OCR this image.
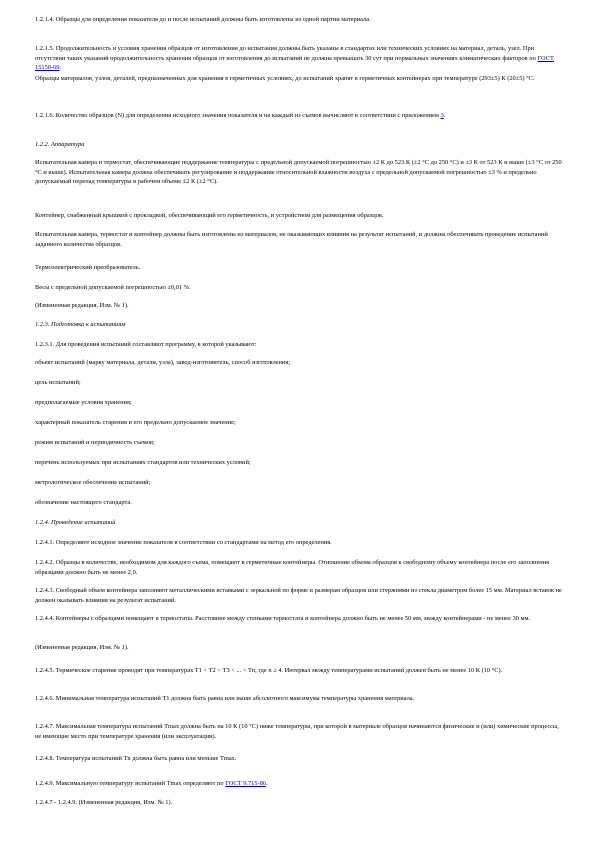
1.2.1.4. Образцы для определения показателя до и после испытаний должны быть изготовлены из одной партии материала.

1.2.1.5. Продолжительность и условия хранения образцов от изготовления до испытания должны быть указаны в стандартах или технических условиях на материал, деталь, узел. При отсутствии таких указаний продолжительность хранения образцов от изготовления до испытаний не должна превышать 30 сут при нормальных значениях климатических факторов по ГОСТ 15150-69.

Образцы материалов, узлов, деталей, предназначенных для хранения в герметичных условиях, до испытаний хранят в герметичных контейнерах при температуре (293±5) К (20±5) °С.

1.2.1.6. Количество образцов (N) для определения исходного значения показателя и на каждый из съемов вычисляют в соответствии с приложением 3.

1.2.2. Аппаратура

Испытательная камера и термостат, обеспечивающие поддержание температуры с предельной допускаемой погрешностью ±2 К до 523 К (±2 °С до 250 °С) и ±3 К от 523 К и выше (±3 °С от 250 °С и выше). Испытательная камера должна обеспечивать регулирование и поддержание относительной влажности воздуха с предельной допускаемой погрешностью ±3 % и предельно допускаемый перепад температуры в рабочем объеме ±2 К (±2 °С).

Контейнер, снабженный крышкой с прокладкой, обеспечивающий его герметичность, и устройством для размещения образцов.

Испытательная камера, термостат и контейнер должны быть изготовлены из материалов, не оказывающих влияния на результат испытаний, и должны обеспечивать проведение испытаний заданного количества образцов.

Термоэлектрический преобразователь.

Весы с предельной допускаемой погрешностью ±0,01 %.

(Измененная редакция, Изм. № 1).

1.2.3. Подготовка к испытаниям

1.2.3.1. Для проведения испытаний составляют программу, в которой указывают:

объект испытаний (марку материала, детали, узла), завод-изготовитель, способ изготовления;

цель испытаний;

предполагаемые условия хранения;

характерный показатель старения и его предельно допускаемое значение;

режим испытаний и периодичность съемов;

перечень используемых при испытаниях стандартов или технических условий;

метрологическое обеспечение испытаний;

обозначение настоящего стандарта.

1.2.4. Проведение испытаний

1.2.4.1. Определяют исходное значение показателя в соответствии со стандартами на метод его определения.

1.2.4.2. Образцы в количестве, необходимом для каждого съема, помещают в герметичные контейнеры. Отношение объема образцов к свободному объему контейнера после его заполнения образцами должно быть не менее 2,0.

1.2.4.3. Свободный объем контейнера заполняют металлическими вставками с зеркальной по форме и размерам образцов или стержнями из стекла диаметром более 15 мм. Материал вставок не должен оказывать влияния на результат испытаний.

1.2.4.4. Контейнеры с образцами помещают в термостаты. Расстояние между стенками термостата и контейнера должно быть не менее 50 мм, между контейнерами - не менее 30 мм.

(Измененная редакция, Изм. № 1).

1.2.4.5. Термическое старение проводят при температурах Т1 < Т2 < Т3 < ... < Тn, где n ≥ 4. Интервал между температурами испытаний должен быть не менее 10 К (10 °С).

1.2.4.6. Минимальная температура испытаний Т1 должна быть равна или выше абсолютного максимума температуры хранения материала.

1.2.4.7. Максимальная температура испытаний Тmax должна быть на 10 К (10 °С) ниже температуры, при которой в материале образцов начинаются физические и (или) химические процессы, не имеющие место при температуре хранения (или эксплуатации).

1.2.4.8. Температура испытаний Тn должна быть равна или меньше Тmax.

1.2.4.9. Максимальную температуру испытаний Тmax определяют по ГОСТ 9.715-86.

1.2.4.7 - 1.2.4.9. (Измененная редакция, Изм. № 1).
